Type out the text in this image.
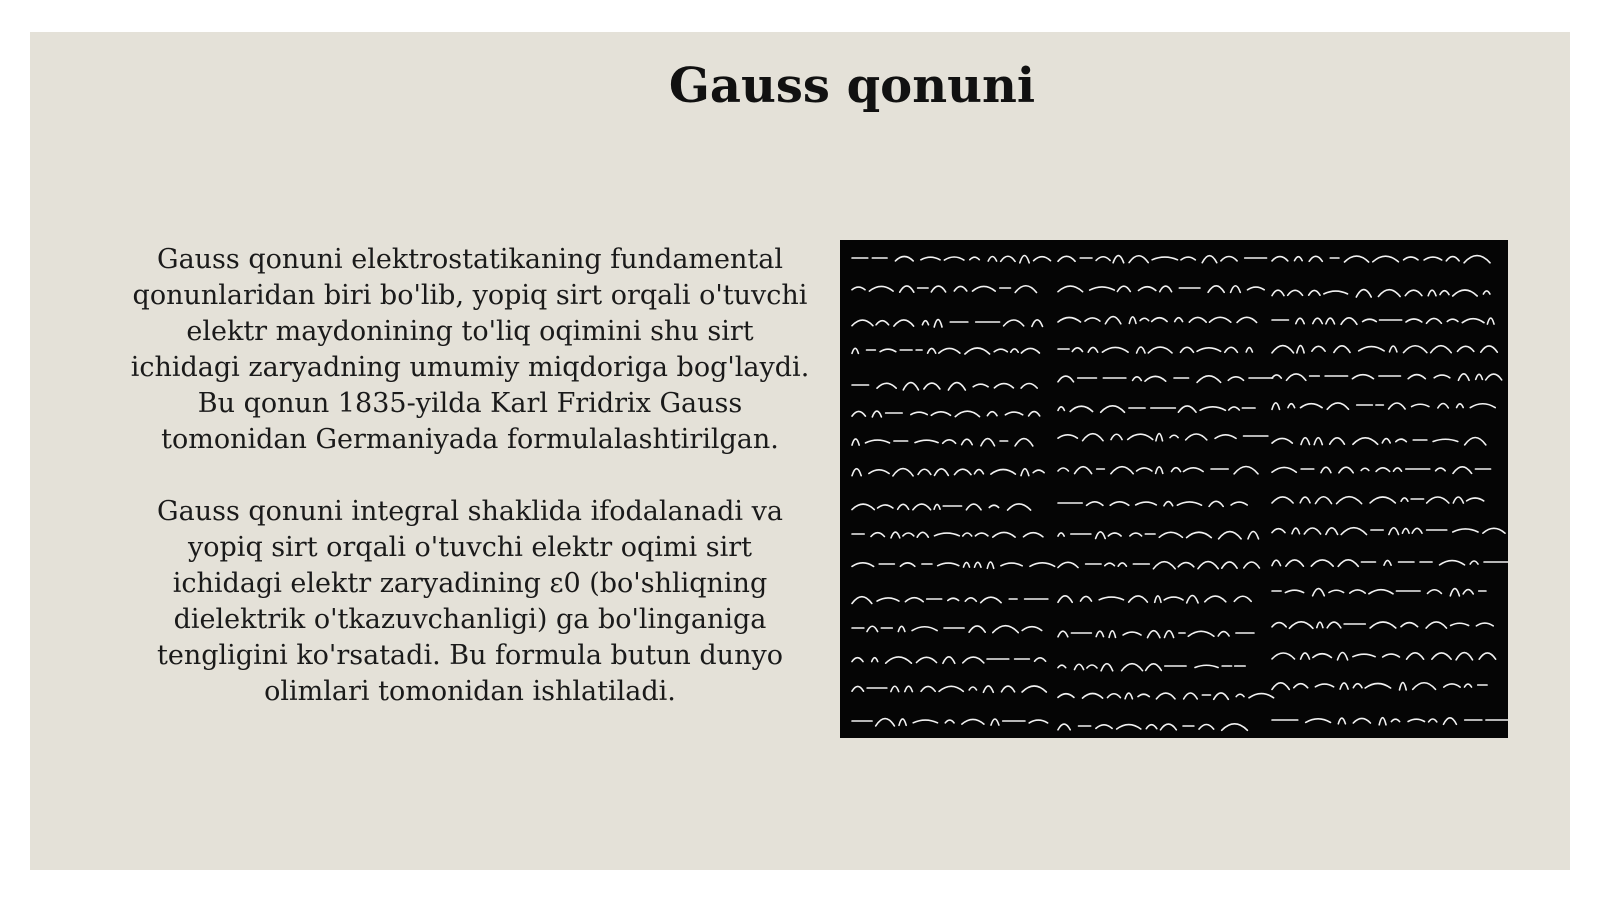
Gauss qonuni

Gauss qonuni elektrostatikaning fundamental qonunlaridan biri bo'lib, yopiq sirt orqali o'tuvchi elektr maydonining to'liq oqimini shu sirt ichidagi zaryadning umumiy miqdoriga bog'laydi. Bu qonun 1835-yilda Karl Fridrix Gauss tomonidan Germaniyada formulalashtirilgan.

Gauss qonuni integral shaklida ifodalanadi va yopiq sirt orqali o'tuvchi elektr oqimi sirt ichidagi elektr zaryadining ε0 (bo'shliqning dielektrik o'tkazuvchanligi) ga bo'linganiga tengligini ko'rsatadi. Bu formula butun dunyo olimlari tomonidan ishlatiladi.
